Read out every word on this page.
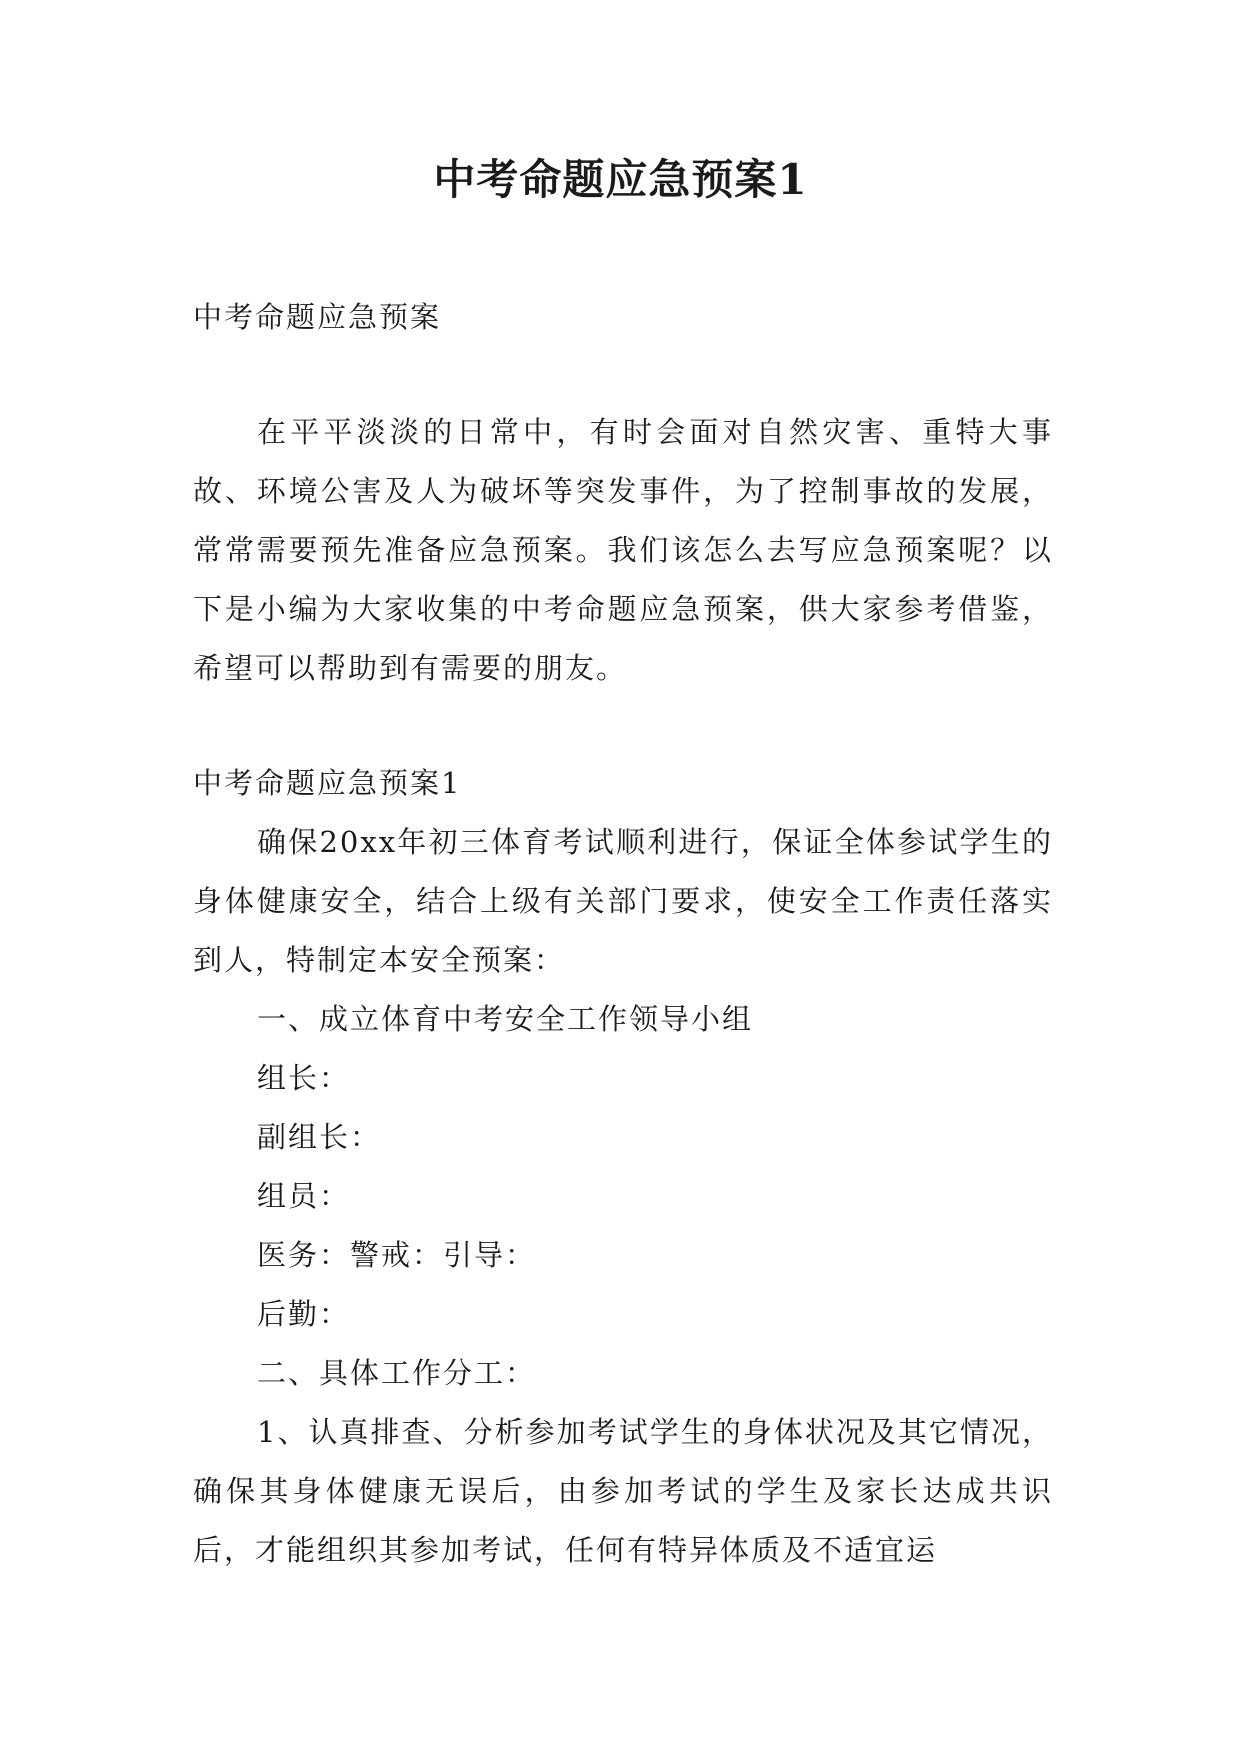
中考命题应急预案1

中考命题应急预案

在平平淡淡的日常中，有时会面对自然灾害、重特大事故、环境公害及人为破坏等突发事件，为了控制事故的发展，常常需要预先准备应急预案。我们该怎么去写应急预案呢？以下是小编为大家收集的中考命题应急预案，供大家参考借鉴，希望可以帮助到有需要的朋友。

中考命题应急预案1

确保20xx年初三体育考试顺利进行，保证全体参试学生的身体健康安全，结合上级有关部门要求，使安全工作责任落实到人，特制定本安全预案：

一、成立体育中考安全工作领导小组

组长：

副组长：

组员：

医务：警戒：引导：

后勤：

二、具体工作分工：

1、认真排查、分析参加考试学生的身体状况及其它情况，确保其身体健康无误后，由参加考试的学生及家长达成共识后，才能组织其参加考试，任何有特异体质及不适宜运
